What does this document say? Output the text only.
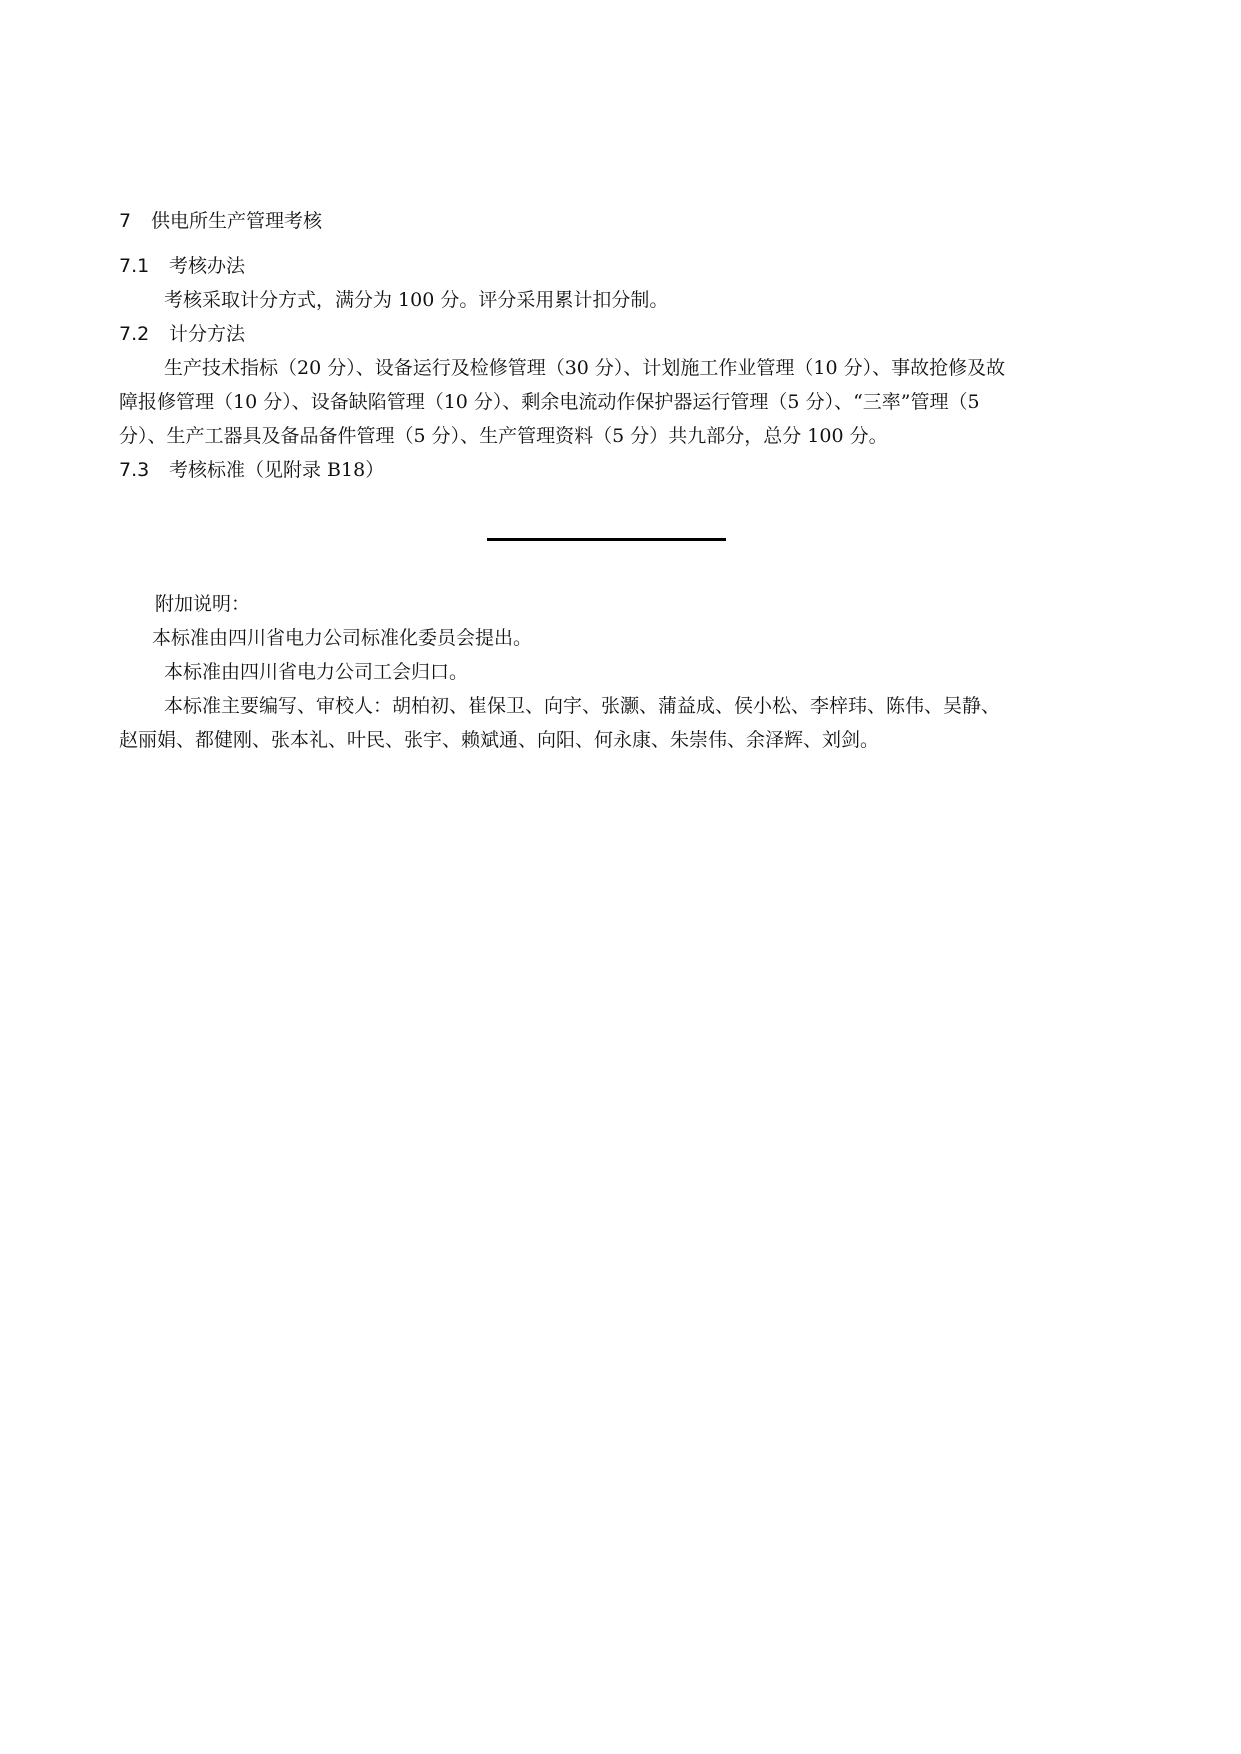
7 供电所生产管理考核
7.1 考核办法
考核采取计分方式，满分为 100 分。评分采用累计扣分制。
7.2 计分方法
生产技术指标（20 分）、设备运行及检修管理（30 分）、计划施工作业管理（10 分）、事故抢修及故
障报修管理（10 分）、设备缺陷管理（10 分）、剩余电流动作保护器运行管理（5 分）、“三率”管理（5
分）、生产工器具及备品备件管理（5 分）、生产管理资料（5 分）共九部分，总分 100 分。
7.3 考核标准（见附录 B18）
附加说明：
本标准由四川省电力公司标准化委员会提出。
本标准由四川省电力公司工会归口。
本标准主要编写、审校人：胡柏初、崔保卫、向宇、张灏、蒲益成、侯小松、李梓玮、陈伟、吴静、
赵丽娟、都健刚、张本礼、叶民、张宇、赖斌通、向阳、何永康、朱崇伟、余泽辉、刘剑。
